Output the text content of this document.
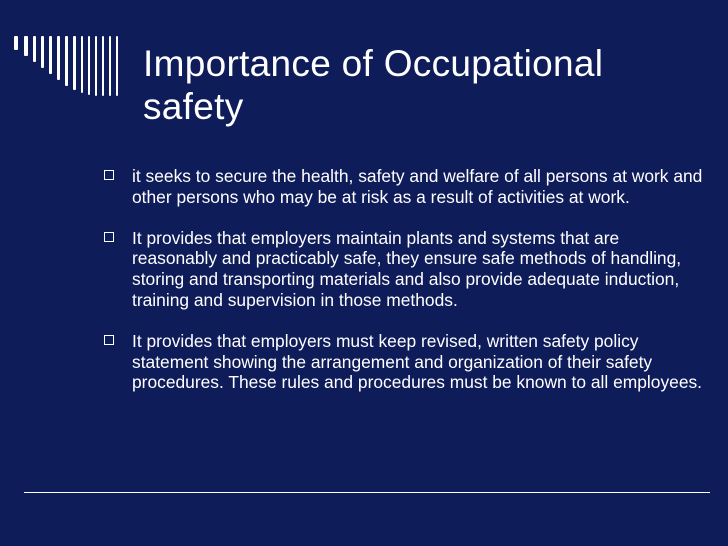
Importance of Occupational safety
it seeks to secure the health, safety and welfare of all persons at work and other persons who may be at risk as a result of activities at work.
It provides that employers maintain plants and systems that are reasonably and practicably safe, they ensure safe methods of handling, storing and transporting materials and also provide adequate induction, training and supervision in those methods.
It provides that employers must keep revised, written safety policy statement showing the arrangement and organization of their safety procedures. These rules and procedures must be known to all employees.
